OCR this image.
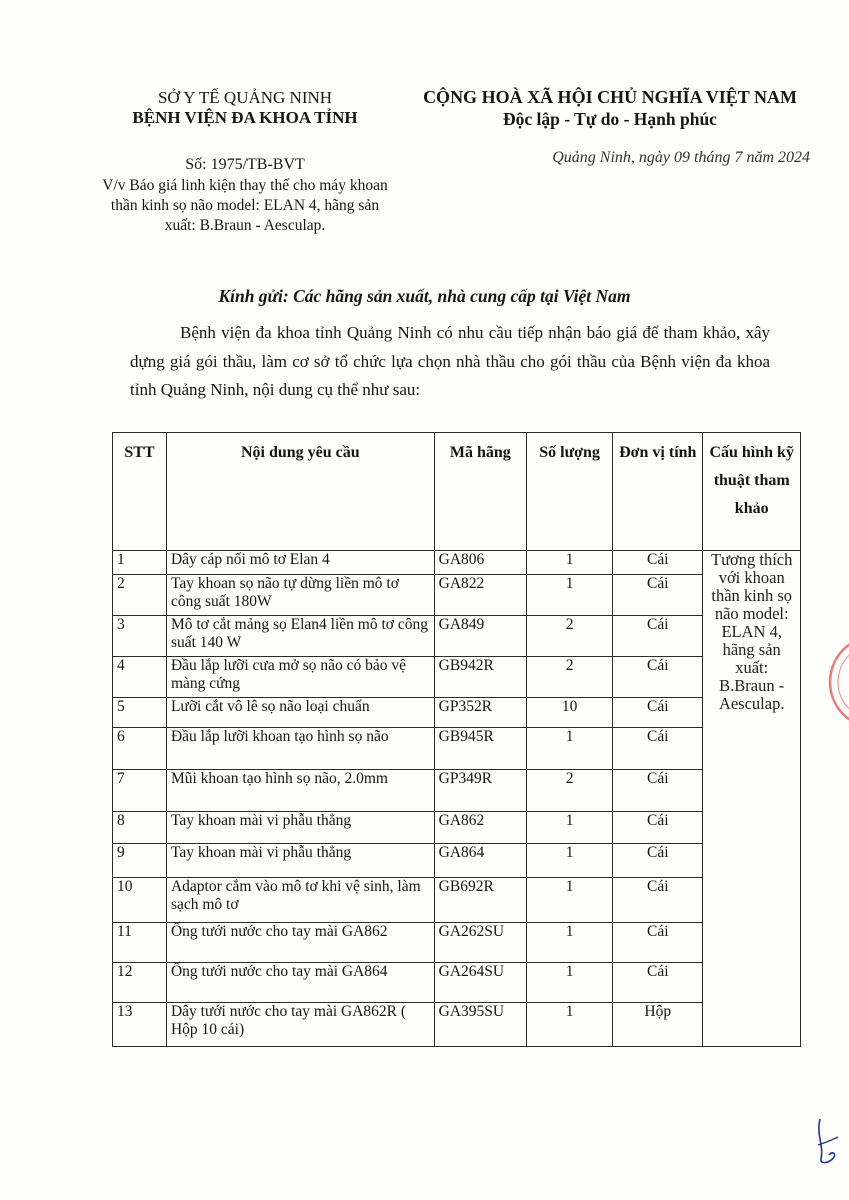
SỞ Y TẾ QUẢNG NINH
BỆNH VIỆN ĐA KHOA TỈNH
CỘNG HOÀ XÃ HỘI CHỦ NGHĨA VIỆT NAM
Độc lập - Tự do - Hạnh phúc
Số: 1975/TB-BVT
V/v Báo giá linh kiện thay thế cho máy khoan thần kinh sọ não model: ELAN 4, hãng sản xuất: B.Braun - Aesculap.
Quảng Ninh, ngày 09 tháng 7 năm 2024
Kính gửi: Các hãng sản xuất, nhà cung cấp tại Việt Nam
Bệnh viện đa khoa tỉnh Quảng Ninh có nhu cầu tiếp nhận báo giá để tham khảo, xây dựng giá gói thầu, làm cơ sở tổ chức lựa chọn nhà thầu cho gói thầu của Bệnh viện đa khoa tỉnh Quảng Ninh, nội dung cụ thể như sau:
STT	Nội dung yêu cầu	Mã hãng	Số lượng	Đơn vị tính	Cấu hình kỹ thuật tham khảo
1	Dây cáp nối mô tơ Elan 4	GA806	1	Cái	Tương thích với khoan thần kinh sọ não model: ELAN 4, hãng sản xuất: B.Braun - Aesculap.
2	Tay khoan sọ não tự dừng liền mô tơ công suất 180W	GA822	1	Cái	
3	Mô tơ cắt mảng sọ Elan4 liền mô tơ công suất 140 W	GA849	2	Cái	
4	Đầu lắp lưỡi cưa mở sọ não có bảo vệ màng cứng	GB942R	2	Cái	
5	Lưỡi cắt vô lê sọ não loại chuẩn	GP352R	10	Cái	
6	Đầu lắp lưỡi khoan tạo hình sọ não	GB945R	1	Cái	
7	Mũi khoan tạo hình sọ não, 2.0mm	GP349R	2	Cái	
8	Tay khoan mài vi phẫu thẳng	GA862	1	Cái	
9	Tay khoan mài vi phẫu thẳng	GA864	1	Cái	
10	Adaptor cắm vào mô tơ khi vệ sinh, làm sạch mô tơ	GB692R	1	Cái	
11	Ống tưới nước cho tay mài GA862	GA262SU	1	Cái	
12	Ống tưới nước cho tay mài GA864	GA264SU	1	Cái	
13	Dây tưới nước cho tay mài GA862R ( Hộp 10 cái)	GA395SU	1	Hộp	
